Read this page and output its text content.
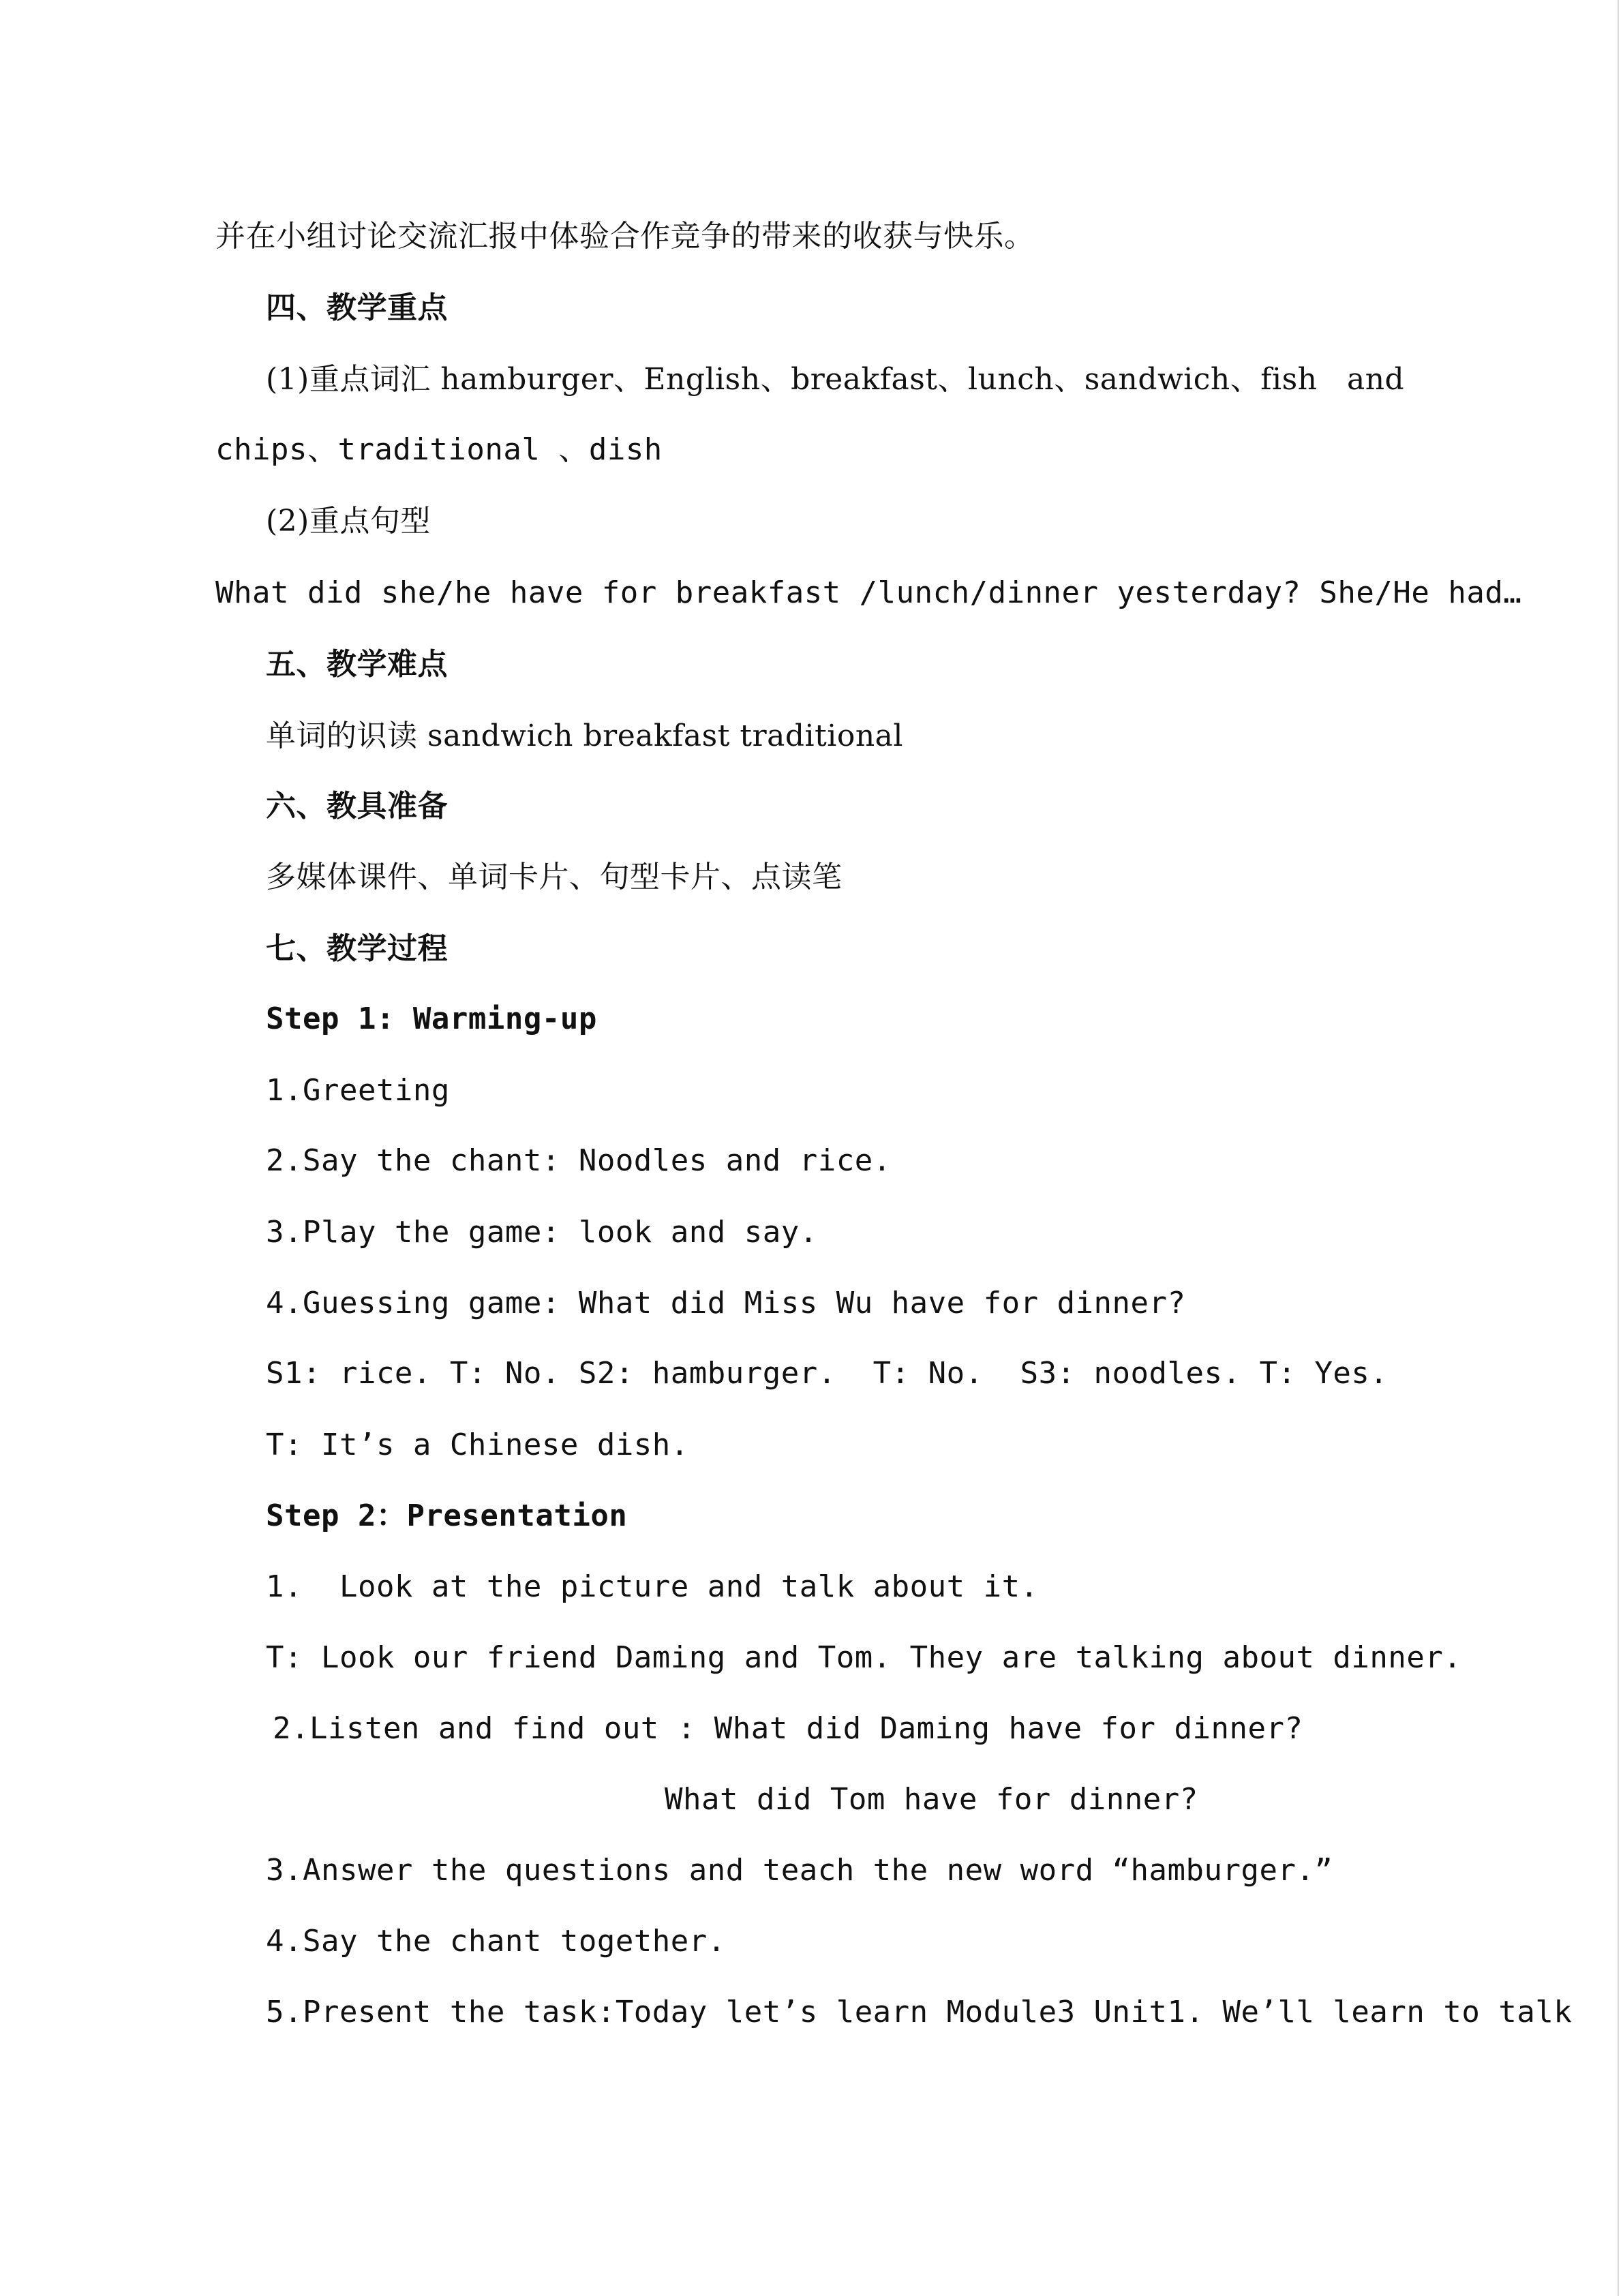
并在小组讨论交流汇报中体验合作竞争的带来的收获与快乐。
四、教学重点
(1)重点词汇 hamburger、English、breakfast、lunch、sandwich、fish   and
chips、traditional 、dish
(2)重点句型
What did she/he have for breakfast /lunch/dinner yesterday? She/He had…
五、教学难点
单词的识读 sandwich breakfast traditional
六、教具准备
多媒体课件、单词卡片、句型卡片、点读笔
七、教学过程
Step 1: Warming-up
1.Greeting
2.Say the chant: Noodles and rice.
3.Play the game: look and say.
4.Guessing game: What did Miss Wu have for dinner?
S1: rice. T: No. S2: hamburger.  T: No.  S3: noodles. T: Yes.
T: It’s a Chinese dish.
Step 2：Presentation
1.  Look at the picture and talk about it.
T: Look our friend Daming and Tom. They are talking about dinner.
2.Listen and find out : What did Daming have for dinner?
What did Tom have for dinner?
3.Answer the questions and teach the new word “hamburger.”
4.Say the chant together.
5.Present the task:Today let’s learn Module3 Unit1. We’ll learn to talk
